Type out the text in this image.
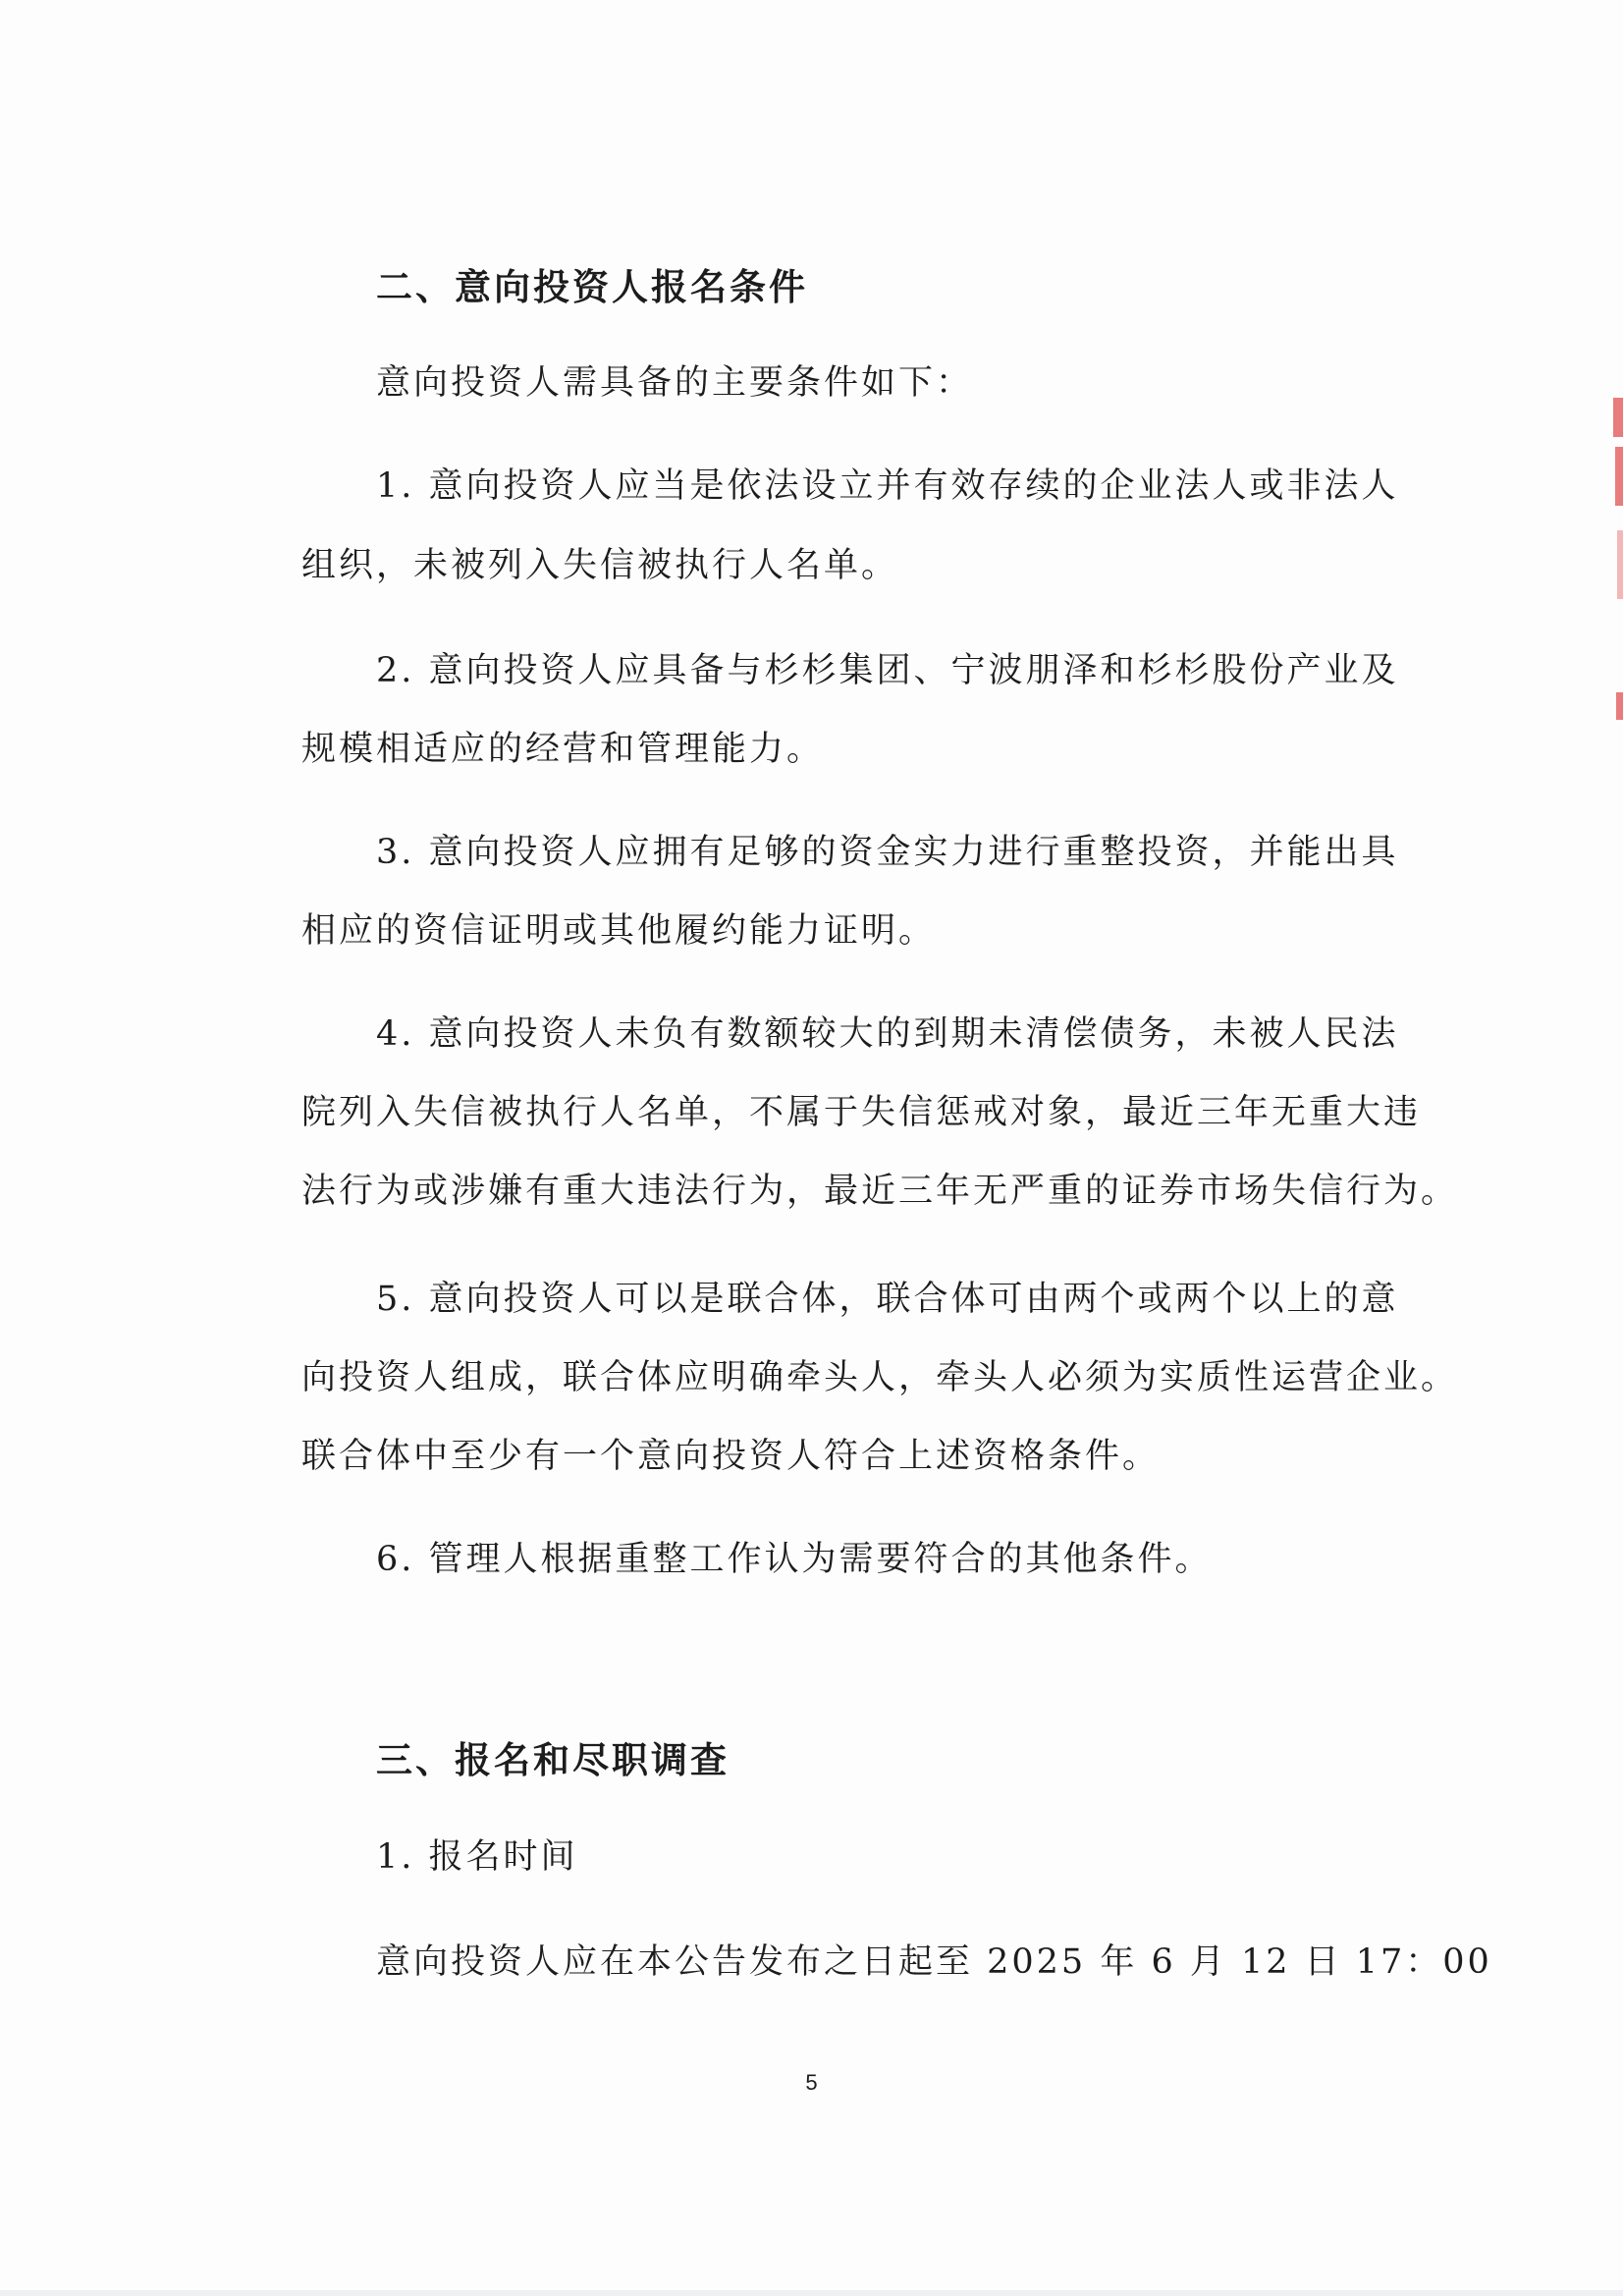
二、意向投资人报名条件
意向投资人需具备的主要条件如下：
1. 意向投资人应当是依法设立并有效存续的企业法人或非法人
组织，未被列入失信被执行人名单。
2. 意向投资人应具备与杉杉集团、宁波朋泽和杉杉股份产业及
规模相适应的经营和管理能力。
3. 意向投资人应拥有足够的资金实力进行重整投资，并能出具
相应的资信证明或其他履约能力证明。
4. 意向投资人未负有数额较大的到期未清偿债务，未被人民法
院列入失信被执行人名单，不属于失信惩戒对象，最近三年无重大违
法行为或涉嫌有重大违法行为，最近三年无严重的证券市场失信行为。
5. 意向投资人可以是联合体，联合体可由两个或两个以上的意
向投资人组成，联合体应明确牵头人，牵头人必须为实质性运营企业。
联合体中至少有一个意向投资人符合上述资格条件。
6. 管理人根据重整工作认为需要符合的其他条件。
三、报名和尽职调查
1. 报名时间
意向投资人应在本公告发布之日起至 2025 年 6 月 12 日 17：00
5
